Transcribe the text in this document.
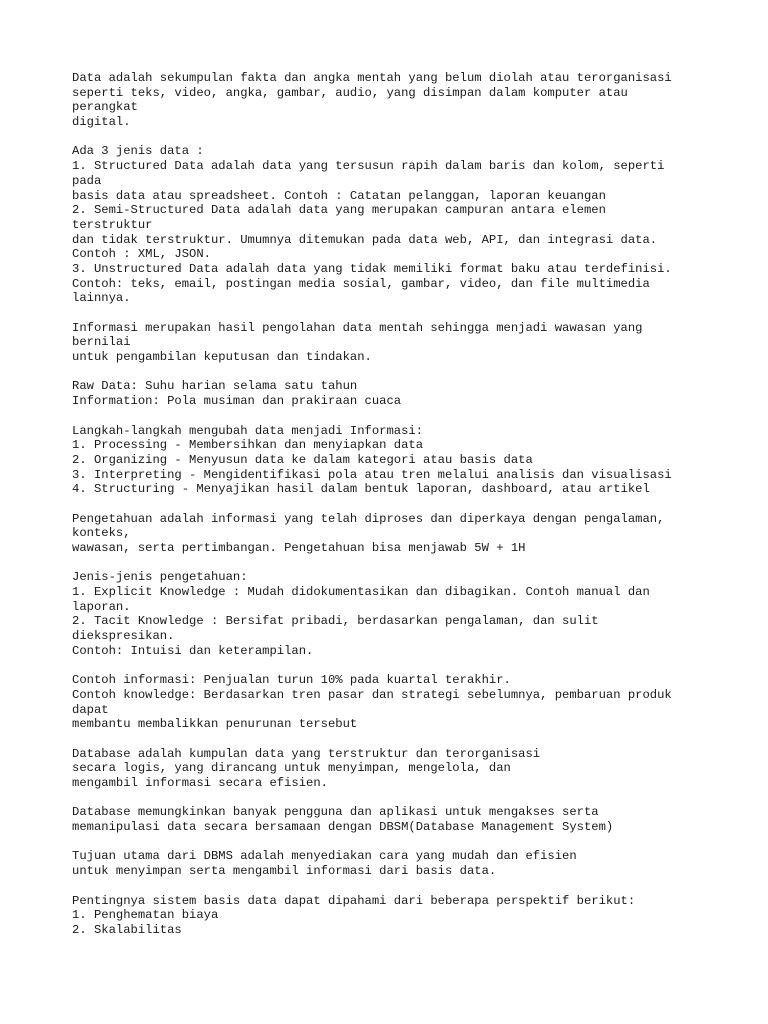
Data adalah sekumpulan fakta dan angka mentah yang belum diolah atau terorganisasi
seperti teks, video, angka, gambar, audio, yang disimpan dalam komputer atau
perangkat
digital.
Ada 3 jenis data :
1. Structured Data adalah data yang tersusun rapih dalam baris dan kolom, seperti
pada
basis data atau spreadsheet. Contoh : Catatan pelanggan, laporan keuangan
2. Semi-Structured Data adalah data yang merupakan campuran antara elemen
terstruktur
dan tidak terstruktur. Umumnya ditemukan pada data web, API, dan integrasi data.
Contoh : XML, JSON.
3. Unstructured Data adalah data yang tidak memiliki format baku atau terdefinisi.
Contoh: teks, email, postingan media sosial, gambar, video, dan file multimedia
lainnya.
Informasi merupakan hasil pengolahan data mentah sehingga menjadi wawasan yang
bernilai
untuk pengambilan keputusan dan tindakan.
Raw Data: Suhu harian selama satu tahun
Information: Pola musiman dan prakiraan cuaca
Langkah-langkah mengubah data menjadi Informasi:
1. Processing - Membersihkan dan menyiapkan data
2. Organizing - Menyusun data ke dalam kategori atau basis data
3. Interpreting - Mengidentifikasi pola atau tren melalui analisis dan visualisasi
4. Structuring - Menyajikan hasil dalam bentuk laporan, dashboard, atau artikel
Pengetahuan adalah informasi yang telah diproses dan diperkaya dengan pengalaman,
konteks,
wawasan, serta pertimbangan. Pengetahuan bisa menjawab 5W + 1H
Jenis-jenis pengetahuan:
1. Explicit Knowledge : Mudah didokumentasikan dan dibagikan. Contoh manual dan
laporan.
2. Tacit Knowledge : Bersifat pribadi, berdasarkan pengalaman, dan sulit
diekspresikan.
Contoh: Intuisi dan keterampilan.
Contoh informasi: Penjualan turun 10% pada kuartal terakhir.
Contoh knowledge: Berdasarkan tren pasar dan strategi sebelumnya, pembaruan produk
dapat
membantu membalikkan penurunan tersebut
Database adalah kumpulan data yang terstruktur dan terorganisasi
secara logis, yang dirancang untuk menyimpan, mengelola, dan
mengambil informasi secara efisien.
Database memungkinkan banyak pengguna dan aplikasi untuk mengakses serta
memanipulasi data secara bersamaan dengan DBSM(Database Management System)
Tujuan utama dari DBMS adalah menyediakan cara yang mudah dan efisien
untuk menyimpan serta mengambil informasi dari basis data.
Pentingnya sistem basis data dapat dipahami dari beberapa perspektif berikut:
1. Penghematan biaya
2. Skalabilitas
